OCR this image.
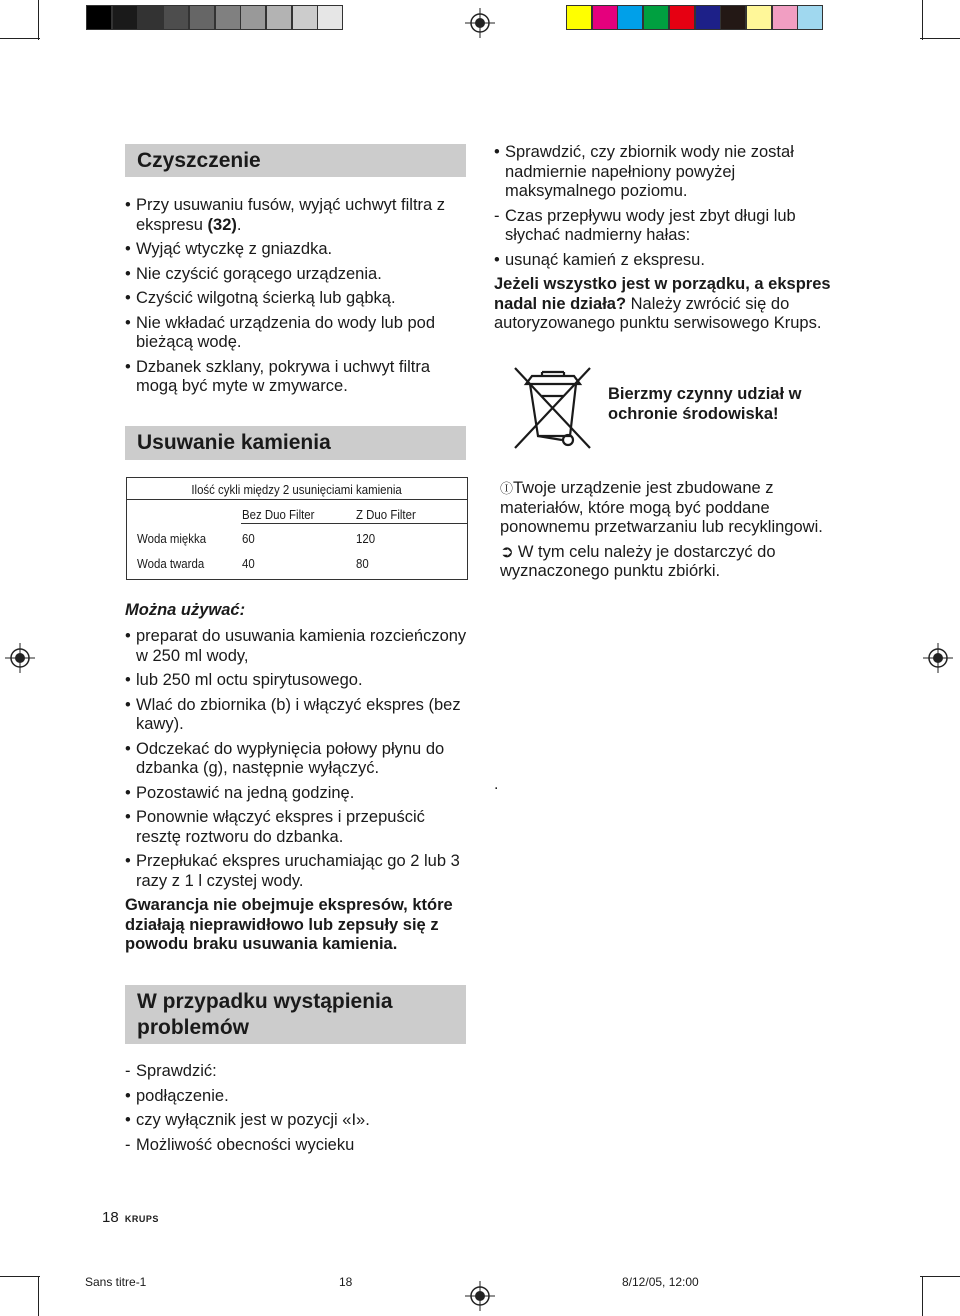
Czyszczenie
• Przy usuwaniu fusów, wyjąć uchwyt filtra z ekspresu (32).
• Wyjąć wtyczkę z gniazdka.
• Nie czyścić gorącego urządzenia.
• Czyścić wilgotną ścierką lub gąbką.
• Nie wkładać urządzenia do wody lub pod bieżącą wodę.
• Dzbanek szklany, pokrywa i uchwyt filtra mogą być myte w zmywarce.
Usuwanie kamienia
Ilość cykli między 2 usunięciami kamienia
Bez Duo Filter	Z Duo Filter
Woda miękka	60	120
Woda twarda	40	80
Można używać:
• preparat do usuwania kamienia rozcieńczony w 250 ml wody,
• lub 250 ml octu spirytusowego.
• Wlać do zbiornika (b) i włączyć ekspres (bez kawy).
• Odczekać do wypłynięcia połowy płynu do dzbanka (g), następnie wyłączyć.
• Pozostawić na jedną godzinę.
• Ponownie włączyć ekspres i przepuścić resztę roztworu do dzbanka.
• Przepłukać ekspres uruchamiając go 2 lub 3 razy z 1 l czystej wody.
Gwarancja nie obejmuje ekspresów, które działają nieprawidłowo lub zepsuły się z powodu braku usuwania kamienia.
W przypadku wystąpienia
problemów
- Sprawdzić:
• podłączenie.
• czy wyłącznik jest w pozycji «I».
- Możliwość obecności wycieku
• Sprawdzić, czy zbiornik wody nie został nadmiernie napełniony powyżej maksymalnego poziomu.
- Czas przepływu wody jest zbyt długi lub słychać nadmierny hałas:
• usunąć kamień z ekspresu.
Jeżeli wszystko jest w porządku, a ekspres nadal nie działa? Należy zwrócić się do autoryzowanego punktu serwisowego Krups.
Bierzmy czynny udział w
ochronie środowiska!
ⒾTwoje urządzenie jest zbudowane z materiałów, które mogą być poddane ponownemu przetwarzaniu lub recyklingowi.
➲ W tym celu należy je dostarczyć do wyznaczonego punktu zbiórki.
.
18 KRUPS
Sans titre-1	18	8/12/05, 12:00
